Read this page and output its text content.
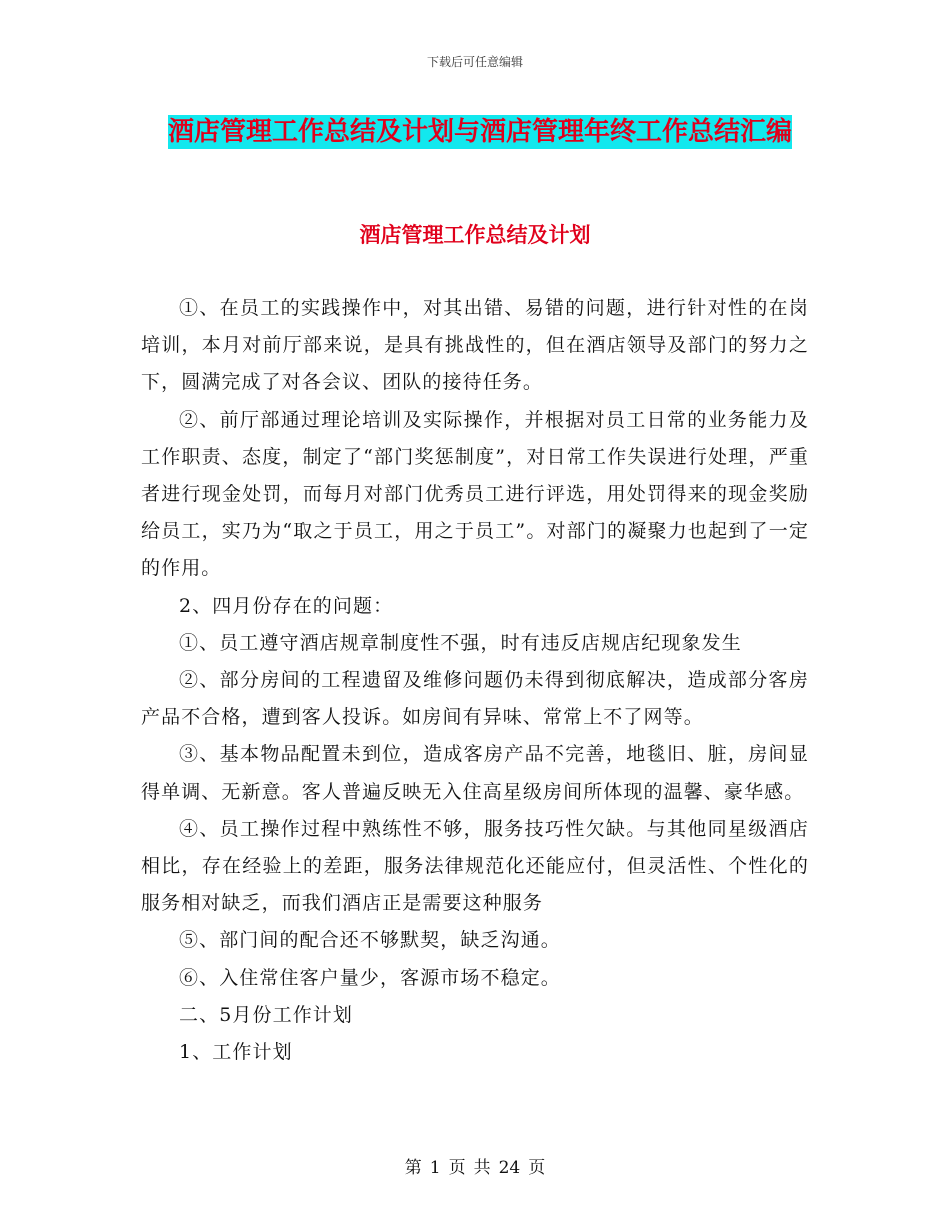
下载后可任意编辑
酒店管理工作总结及计划与酒店管理年终工作总结汇编
酒店管理工作总结及计划

①、在员工的实践操作中，对其出错、易错的问题，进行针对性的在岗培训，本月对前厅部来说，是具有挑战性的，但在酒店领导及部门的努力之下，圆满完成了对各会议、团队的接待任务。

②、前厅部通过理论培训及实际操作，并根据对员工日常的业务能力及工作职责、态度，制定了“部门奖惩制度”，对日常工作失误进行处理，严重者进行现金处罚，而每月对部门优秀员工进行评选，用处罚得来的现金奖励给员工，实乃为“取之于员工，用之于员工”。对部门的凝聚力也起到了一定的作用。

2、四月份存在的问题：

①、员工遵守酒店规章制度性不强，时有违反店规店纪现象发生

②、部分房间的工程遗留及维修问题仍未得到彻底解决，造成部分客房产品不合格，遭到客人投诉。如房间有异味、常常上不了网等。

③、基本物品配置未到位，造成客房产品不完善，地毯旧、脏，房间显得单调、无新意。客人普遍反映无入住高星级房间所体现的温馨、豪华感。

④、员工操作过程中熟练性不够，服务技巧性欠缺。与其他同星级酒店相比，存在经验上的差距，服务法律规范化还能应付，但灵活性、个性化的服务相对缺乏，而我们酒店正是需要这种服务

⑤、部门间的配合还不够默契，缺乏沟通。

⑥、入住常住客户量少，客源市场不稳定。

二、5月份工作计划

1、工作计划

第 1 页 共 24 页
